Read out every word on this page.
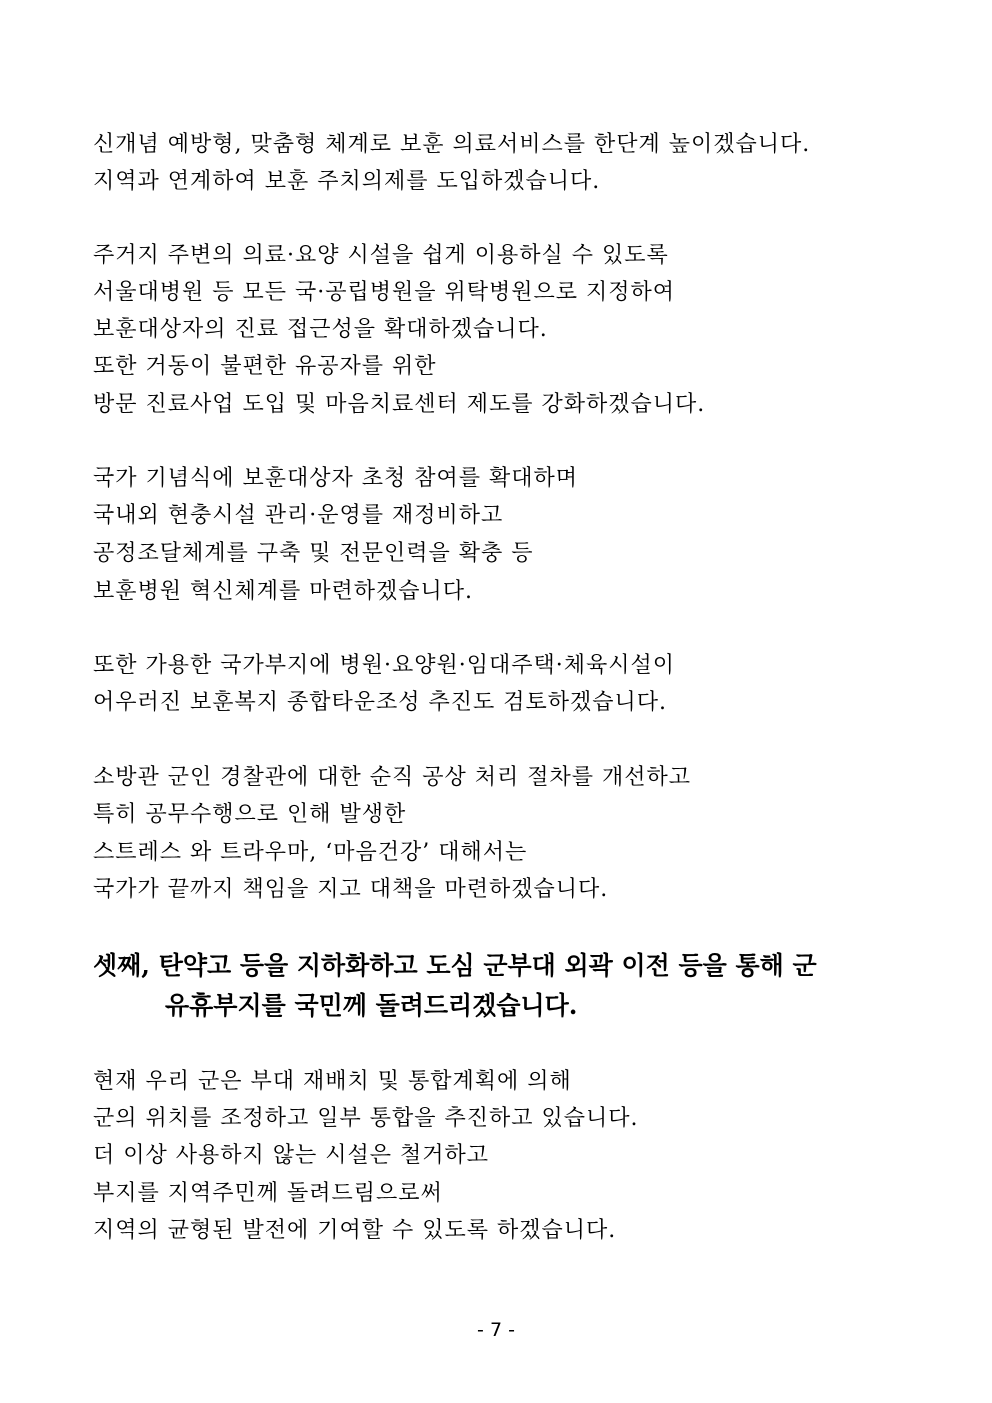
신개념 예방형, 맞춤형 체계로 보훈 의료서비스를 한단계 높이겠습니다.
지역과 연계하여 보훈 주치의제를 도입하겠습니다.
주거지 주변의 의료·요양 시설을 쉽게 이용하실 수 있도록
서울대병원 등 모든 국·공립병원을 위탁병원으로 지정하여
보훈대상자의 진료 접근성을 확대하겠습니다.
또한 거동이 불편한 유공자를 위한
방문 진료사업 도입 및 마음치료센터 제도를 강화하겠습니다.
국가 기념식에 보훈대상자 초청 참여를 확대하며
국내외 현충시설 관리·운영를 재정비하고
공정조달체계를 구축 및 전문인력을 확충 등
보훈병원 혁신체계를 마련하겠습니다.
또한 가용한 국가부지에 병원·요양원·임대주택·체육시설이
어우러진 보훈복지 종합타운조성 추진도 검토하겠습니다.
소방관 군인 경찰관에 대한 순직 공상 처리 절차를 개선하고
특히 공무수행으로 인해 발생한
스트레스 와 트라우마, ‘마음건강’ 대해서는
국가가 끝까지 책임을 지고 대책을 마련하겠습니다.
셋째, 탄약고 등을 지하화하고 도심 군부대 외곽 이전 등을 통해 군
유휴부지를 국민께 돌려드리겠습니다.
현재 우리 군은 부대 재배치 및 통합계획에 의해
군의 위치를 조정하고 일부 통합을 추진하고 있습니다.
더 이상 사용하지 않는 시설은 철거하고
부지를 지역주민께 돌려드림으로써
지역의 균형된 발전에 기여할 수 있도록 하겠습니다.
- 7 -
